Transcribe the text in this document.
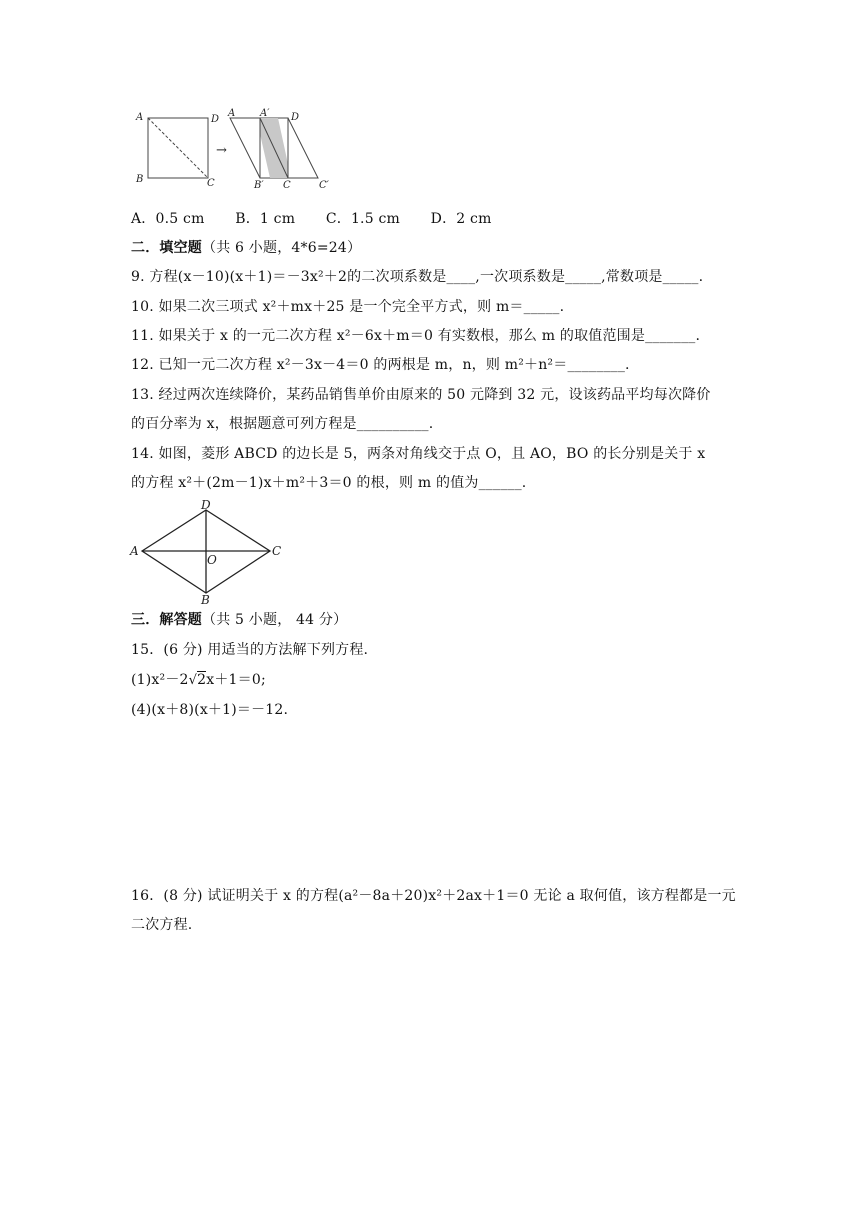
A	D
B	C
→
A A′ D
B′ C	C′
A．0.5 cm B．1 cm C．1.5 cm D．2 cm
二．填空题（共 6 小题，4*6=24）
9. 方程(x－10)(x＋1)＝－3x²＋2的二次项系数是____,一次项系数是_____,常数项是_____.
10. 如果二次三项式 x²＋mx＋25 是一个完全平方式，则 m＝_____.
11. 如果关于 x 的一元二次方程 x²－6x＋m＝0 有实数根，那么 m 的取值范围是_______.
12. 已知一元二次方程 x²－3x－4＝0 的两根是 m，n，则 m²＋n²＝________.
13. 经过两次连续降价，某药品销售单价由原来的 50 元降到 32 元，设该药品平均每次降价
的百分率为 x，根据题意可列方程是__________.
14. 如图，菱形 ABCD 的边长是 5，两条对角线交于点 O，且 AO，BO 的长分别是关于 x
的方程 x²＋(2m－1)x＋m²＋3＝0 的根，则 m 的值为______.
A
D
C
B
O
三．解答题（共 5 小题， 44 分）
15．(6 分) 用适当的方法解下列方程.
(1)x²－2√2x＋1＝0;
(4)(x＋8)(x＋1)＝－12.
16．(8 分) 试证明关于 x 的方程(a²－8a＋20)x²＋2ax＋1＝0 无论 a 取何值，该方程都是一元
二次方程.
